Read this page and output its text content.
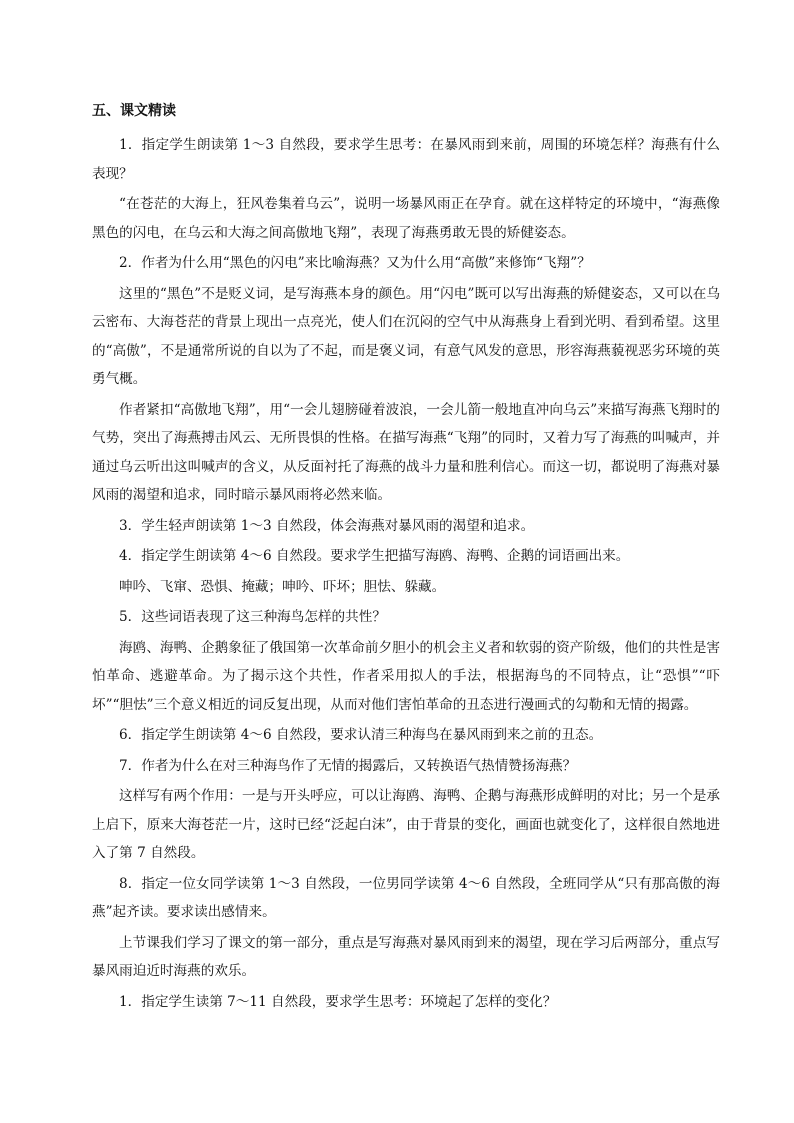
五、课文精读

1．指定学生朗读第 1～3 自然段，要求学生思考：在暴风雨到来前，周围的环境怎样？海燕有什么表现？

“在苍茫的大海上，狂风卷集着乌云”，说明一场暴风雨正在孕育。就在这样特定的环境中，“海燕像黑色的闪电，在乌云和大海之间高傲地飞翔”，表现了海燕勇敢无畏的矫健姿态。

2．作者为什么用“黑色的闪电”来比喻海燕？又为什么用“高傲”来修饰“飞翔”？

这里的“黑色”不是贬义词，是写海燕本身的颜色。用“闪电”既可以写出海燕的矫健姿态，又可以在乌云密布、大海苍茫的背景上现出一点亮光，使人们在沉闷的空气中从海燕身上看到光明、看到希望。这里的“高傲”，不是通常所说的自以为了不起，而是褒义词，有意气风发的意思，形容海燕藐视恶劣环境的英勇气概。

作者紧扣“高傲地飞翔”，用“一会儿翅膀碰着波浪，一会儿箭一般地直冲向乌云”来描写海燕飞翔时的气势，突出了海燕搏击风云、无所畏惧的性格。在描写海燕“飞翔”的同时，又着力写了海燕的叫喊声，并通过乌云听出这叫喊声的含义，从反面衬托了海燕的战斗力量和胜利信心。而这一切，都说明了海燕对暴风雨的渴望和追求，同时暗示暴风雨将必然来临。

3．学生轻声朗读第 1～3 自然段，体会海燕对暴风雨的渴望和追求。

4．指定学生朗读第 4～6 自然段。要求学生把描写海鸥、海鸭、企鹅的词语画出来。

呻吟、飞窜、恐惧、掩藏；呻吟、吓坏；胆怯、躲藏。

5．这些词语表现了这三种海鸟怎样的共性？

海鸥、海鸭、企鹅象征了俄国第一次革命前夕胆小的机会主义者和软弱的资产阶级，他们的共性是害怕革命、逃避革命。为了揭示这个共性，作者采用拟人的手法，根据海鸟的不同特点，让“恐惧”“吓坏”“胆怯”三个意义相近的词反复出现，从而对他们害怕革命的丑态进行漫画式的勾勒和无情的揭露。

6．指定学生朗读第 4～6 自然段，要求认清三种海鸟在暴风雨到来之前的丑态。

7．作者为什么在对三种海鸟作了无情的揭露后，又转换语气热情赞扬海燕？

这样写有两个作用：一是与开头呼应，可以让海鸥、海鸭、企鹅与海燕形成鲜明的对比；另一个是承上启下，原来大海苍茫一片，这时已经“泛起白沫”，由于背景的变化，画面也就变化了，这样很自然地进入了第 7 自然段。

8．指定一位女同学读第 1～3 自然段，一位男同学读第 4～6 自然段，全班同学从“只有那高傲的海燕”起齐读。要求读出感情来。

上节课我们学习了课文的第一部分，重点是写海燕对暴风雨到来的渴望，现在学习后两部分，重点写暴风雨迫近时海燕的欢乐。

1．指定学生读第 7～11 自然段，要求学生思考：环境起了怎样的变化？
